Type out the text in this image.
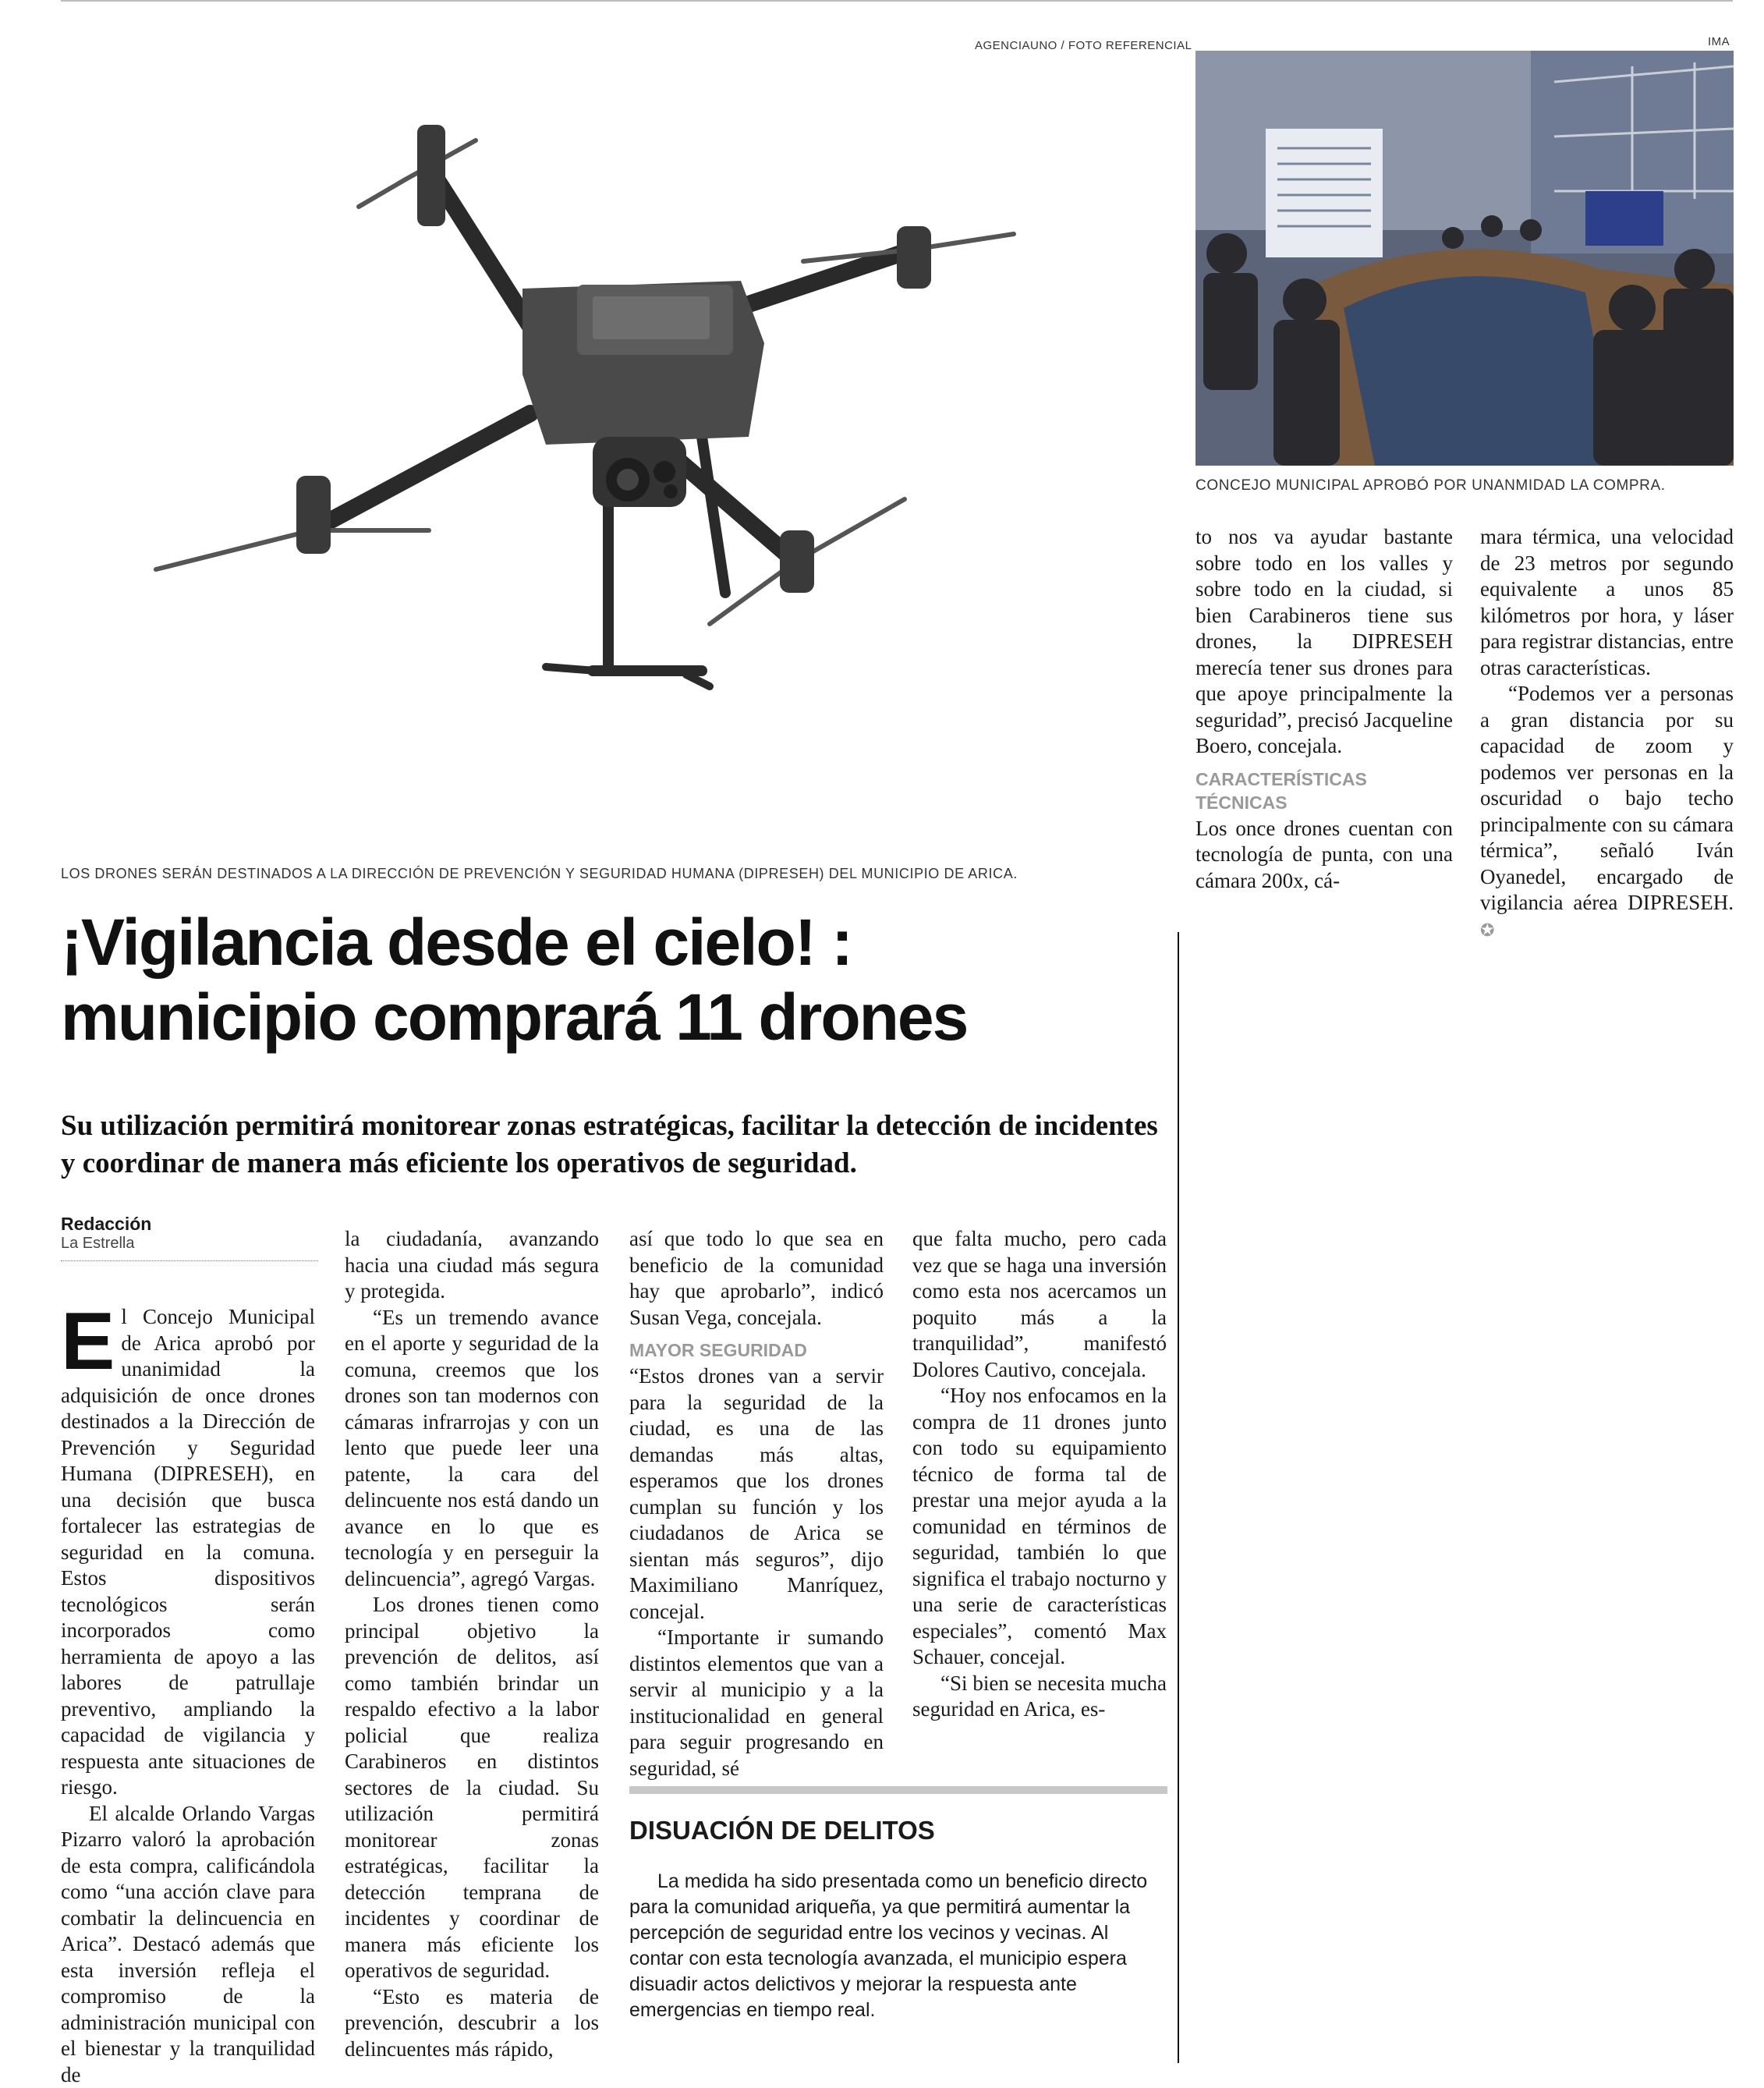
AGENCIAUNO / FOTO REFERENCIAL
LOS DRONES SERÁN DESTINADOS A LA DIRECCIÓN DE PREVENCIÓN Y SEGURIDAD HUMANA (DIPRESEH) DEL MUNICIPIO DE ARICA.
IMA
CONCEJO MUNICIPAL APROBÓ POR UNANMIDAD LA COMPRA.
¡Vigilancia desde el cielo! :
municipio comprará 11 drones
Su utilización permitirá monitorear zonas estratégicas, facilitar la detección de incidentes y coordinar de manera más eficiente los operativos de seguridad.
Redacción
La Estrella

El Concejo Municipal de Arica aprobó por unanimidad la adquisición de once drones destinados a la Dirección de Prevención y Seguridad Humana (DIPRESEH), en una decisión que busca fortalecer las estrategias de seguridad en la comuna. Estos dispositivos tecnológicos serán incorporados como herramienta de apoyo a las labores de patrullaje preventivo, ampliando la capacidad de vigilancia y respuesta ante situaciones de riesgo.

El alcalde Orlando Vargas Pizarro valoró la aprobación de esta compra, calificándola como “una acción clave para combatir la delincuencia en Arica”. Destacó además que esta inversión refleja el compromiso de la administración municipal con el bienestar y la tranquilidad de

la ciudadanía, avanzando hacia una ciudad más segura y protegida.

“Es un tremendo avance en el aporte y seguridad de la comuna, creemos que los drones son tan modernos con cámaras infrarrojas y con un lento que puede leer una patente, la cara del delincuente nos está dando un avance en lo que es tecnología y en perseguir la delincuencia”, agregó Vargas.

Los drones tienen como principal objetivo la prevención de delitos, así como también brindar un respaldo efectivo a la labor policial que realiza Carabineros en distintos sectores de la ciudad. Su utilización permitirá monitorear zonas estratégicas, facilitar la detección temprana de incidentes y coordinar de manera más eficiente los operativos de seguridad.

“Esto es materia de prevención, descubrir a los delincuentes más rápido,

así que todo lo que sea en beneficio de la comunidad hay que aprobarlo”, indicó Susan Vega, concejala.

MAYOR SEGURIDAD

“Estos drones van a servir para la seguridad de la ciudad, es una de las demandas más altas, esperamos que los drones cumplan su función y los ciudadanos de Arica se sientan más seguros”, dijo Maximiliano Manríquez, concejal.

“Importante ir sumando distintos elementos que van a servir al municipio y a la institucionalidad en general para seguir progresando en seguridad, sé

que falta mucho, pero cada vez que se haga una inversión como esta nos acercamos un poquito más a la tranquilidad”, manifestó Dolores Cautivo, concejala.

“Hoy nos enfocamos en la compra de 11 drones junto con todo su equipamiento técnico de forma tal de prestar una mejor ayuda a la comunidad en términos de seguridad, también lo que significa el trabajo nocturno y una serie de características especiales”, comentó Max Schauer, concejal.

“Si bien se necesita mucha seguridad en Arica, es-

DISUACIÓN DE DELITOS
La medida ha sido presentada como un beneficio directo para la comunidad ariqueña, ya que permitirá aumentar la percepción de seguridad entre los vecinos y vecinas. Al contar con esta tecnología avanzada, el municipio espera disuadir actos delictivos y mejorar la respuesta ante emergencias en tiempo real.

to nos va ayudar bastante sobre todo en los valles y sobre todo en la ciudad, si bien Carabineros tiene sus drones, la DIPRESEH merecía tener sus drones para que apoye principalmente la seguridad”, precisó Jacqueline Boero, concejala.

CARACTERÍSTICAS TÉCNICAS

Los once drones cuentan con tecnología de punta, con una cámara 200x, cá-

mara térmica, una velocidad de 23 metros por segundo equivalente a unos 85 kilómetros por hora, y láser para registrar distancias, entre otras características.

“Podemos ver a personas a gran distancia por su capacidad de zoom y podemos ver personas en la oscuridad o bajo techo principalmente con su cámara térmica”, señaló Iván Oyanedel, encargado de vigilancia aérea DIPRESEH. ✪
